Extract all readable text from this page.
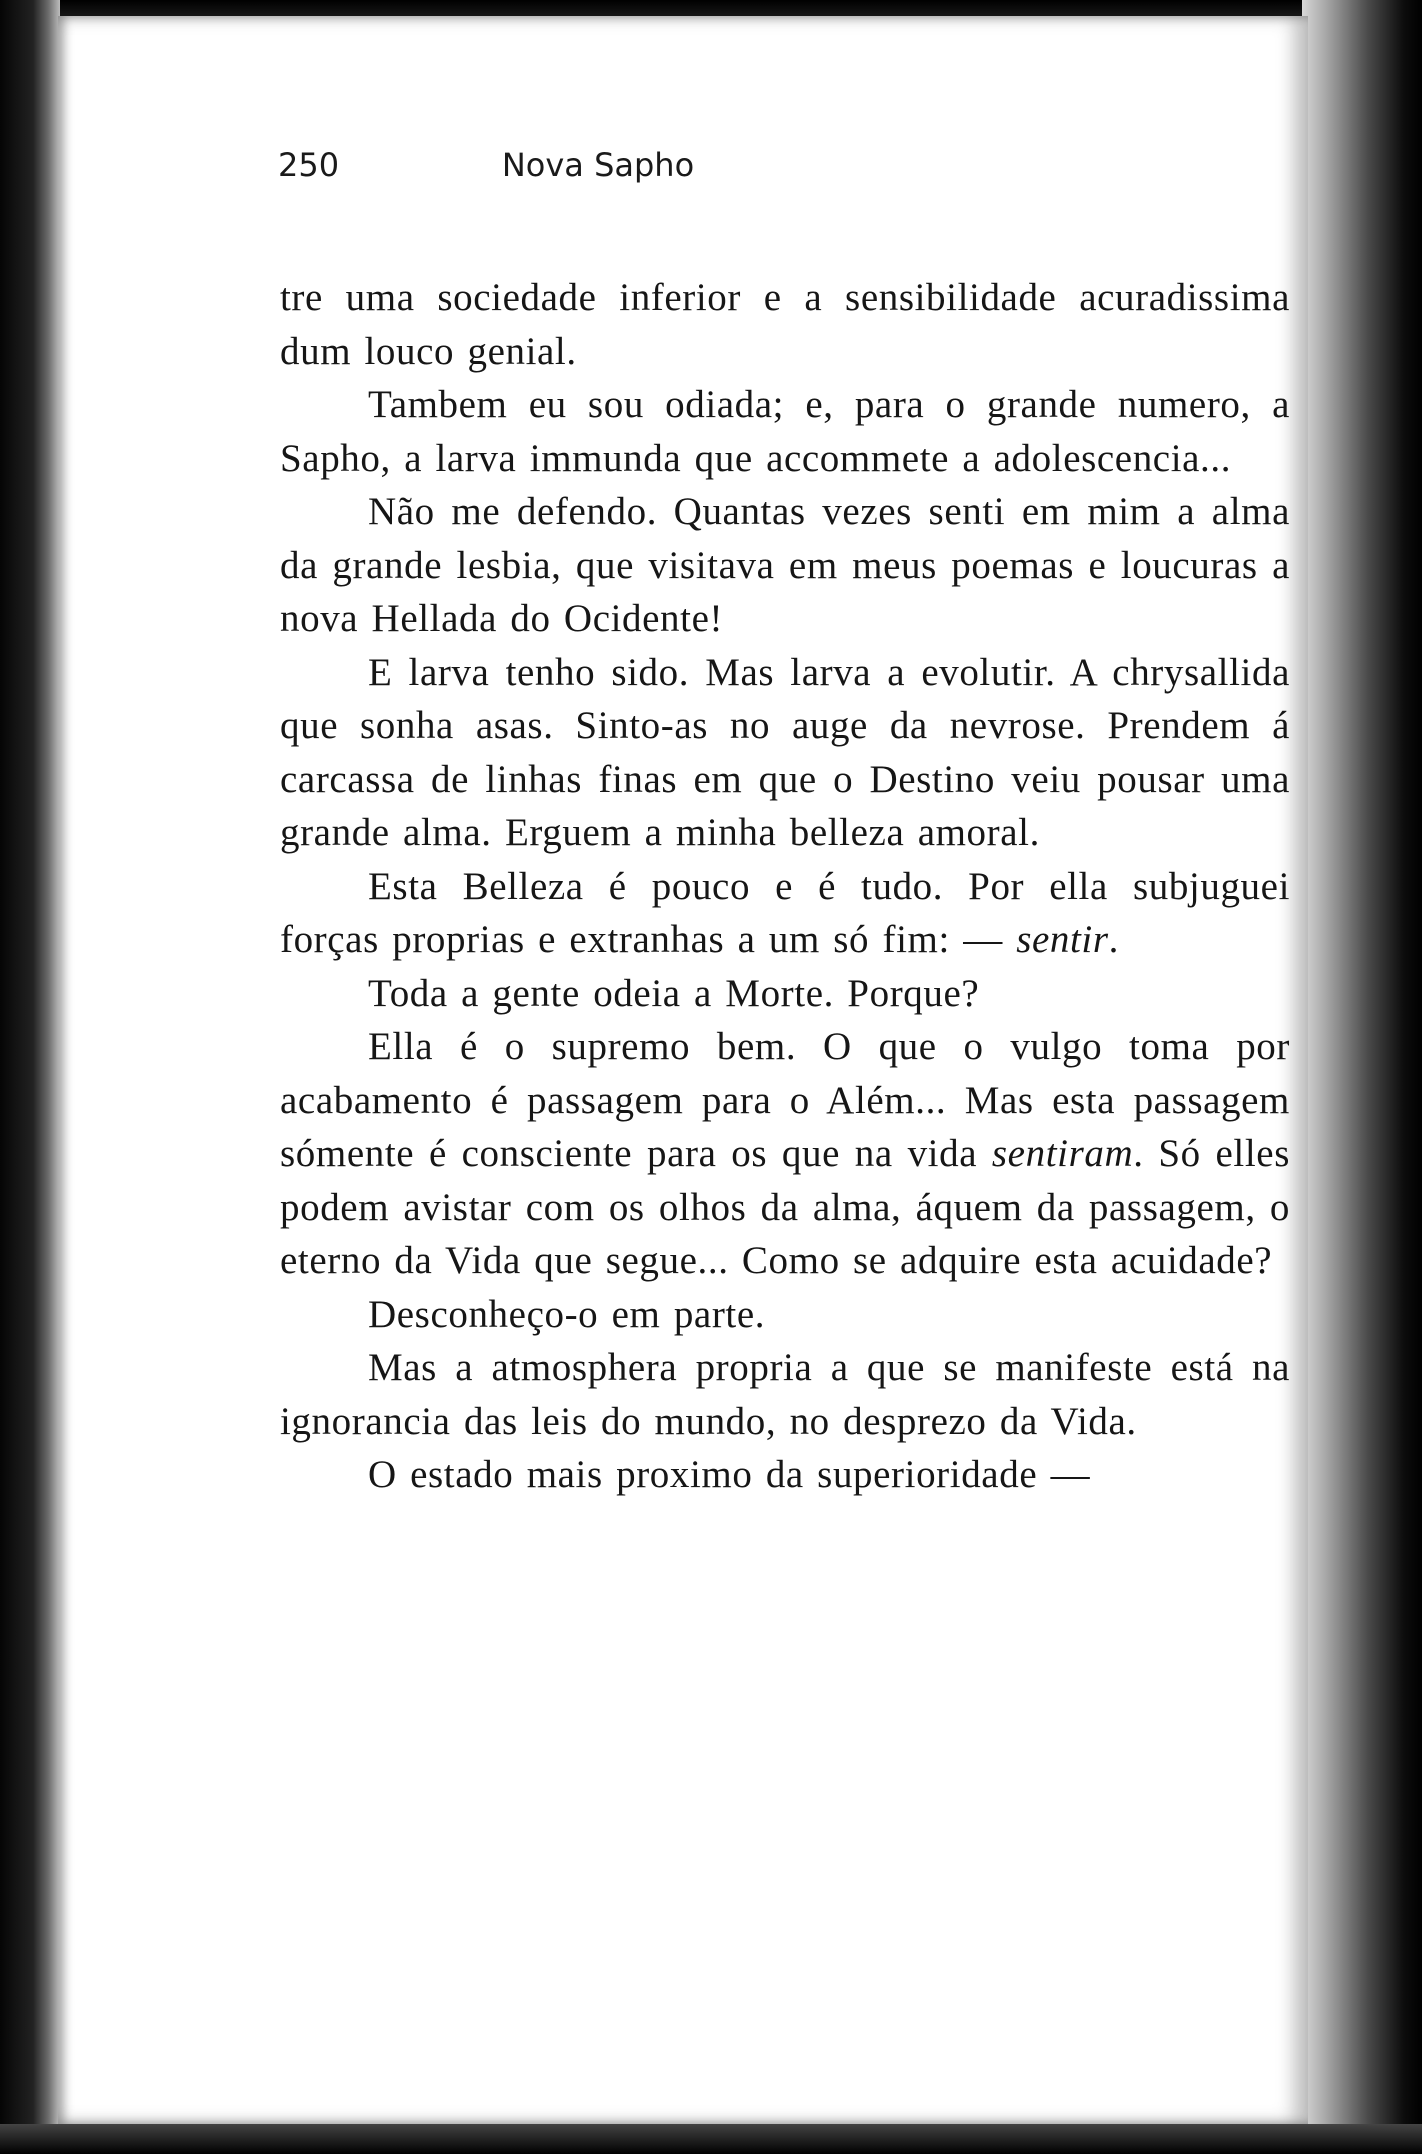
250	Nova Sapho

tre uma sociedade inferior e a sensibilidade acuradissima dum louco genial.

Tambem eu sou odiada; e, para o grande numero, a Sapho, a larva immunda que accommete a adolescencia...

Não me defendo. Quantas vezes senti em mim a alma da grande lesbia, que visitava em meus poemas e loucuras a nova Hellada do Ocidente!

E larva tenho sido. Mas larva a evolutir. A chrysallida que sonha asas. Sinto-as no auge da nevrose. Prendem á carcassa de linhas finas em que o Destino veiu pousar uma grande alma. Erguem a minha belleza amoral.

Esta Belleza é pouco e é tudo. Por ella subjuguei forças proprias e extranhas a um só fim: — sentir.

Toda a gente odeia a Morte. Porque?

Ella é o supremo bem. O que o vulgo toma por acabamento é passagem para o Além... Mas esta passagem sómente é consciente para os que na vida sentiram. Só elles podem avistar com os olhos da alma, áquem da passagem, o eterno da Vida que segue... Como se adquire esta acuidade?

Desconheço-o em parte.

Mas a atmosphera propria a que se manifeste está na ignorancia das leis do mundo, no desprezo da Vida.

O estado mais proximo da superioridade —
